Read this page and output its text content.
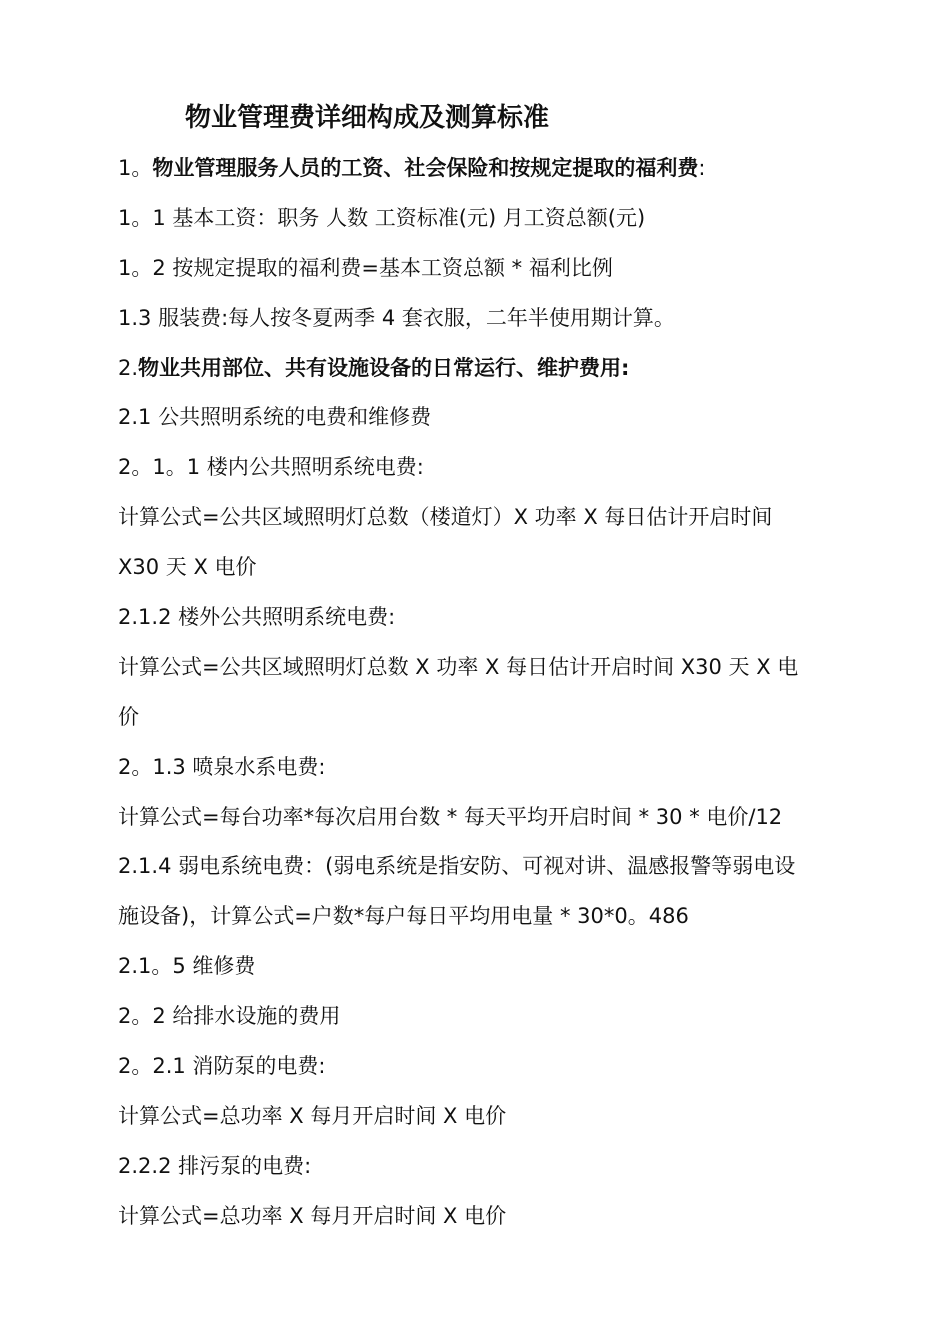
物业管理费详细构成及测算标准
1。物业管理服务人员的工资、社会保险和按规定提取的福利费:
1。1 基本工资：职务 人数 工资标准(元) 月工资总额(元)
1。2 按规定提取的福利费=基本工资总额 * 福利比例
1.3 服装费:每人按冬夏两季 4 套衣服，二年半使用期计算。
2.物业共用部位、共有设施设备的日常运行、维护费用:
2.1 公共照明系统的电费和维修费
2。1。1 楼内公共照明系统电费:
计算公式=公共区域照明灯总数（楼道灯）X 功率 X 每日估计开启时间
X30 天 X 电价
2.1.2 楼外公共照明系统电费:
计算公式=公共区域照明灯总数 X 功率 X 每日估计开启时间 X30 天 X 电
价
2。1.3 喷泉水系电费:
计算公式=每台功率*每次启用台数 * 每天平均开启时间 * 30 * 电价/12
2.1.4 弱电系统电费：(弱电系统是指安防、可视对讲、温感报警等弱电设
施设备)，计算公式=户数*每户每日平均用电量 * 30*0。486
2.1。5 维修费
2。2 给排水设施的费用
2。2.1 消防泵的电费:
计算公式=总功率 X 每月开启时间 X 电价
2.2.2 排污泵的电费:
计算公式=总功率 X 每月开启时间 X 电价
